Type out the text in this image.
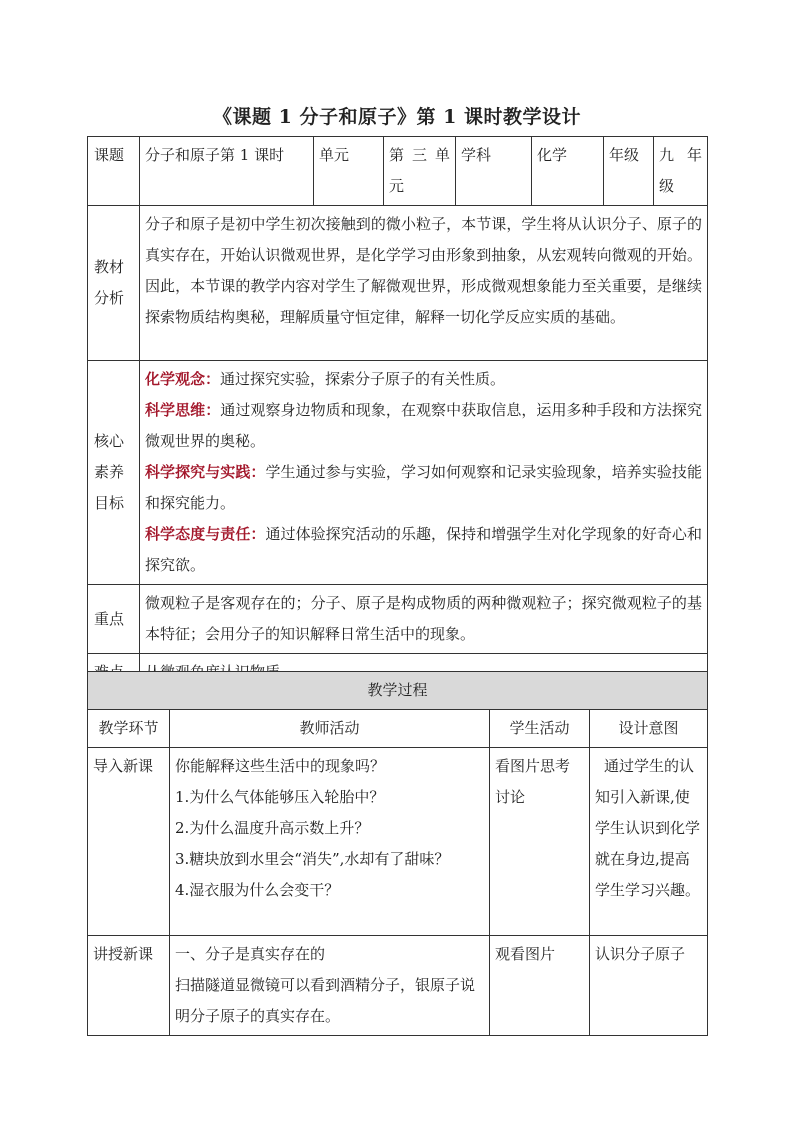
《课题 1 分子和原子》第 1 课时教学设计
课题	分子和原子第 1 课时	单元	第 三 单 元	学科	化学	年级	九 年 级
教材分析	分子和原子是初中学生初次接触到的微小粒子，本节课，学生将从认识分子、原子的真实存在，开始认识微观世界，是化学学习由形象到抽象，从宏观转向微观的开始。因此，本节课的教学内容对学生了解微观世界，形成微观想象能力至关重要，是继续探索物质结构奥秘，理解质量守恒定律，解释一切化学反应实质的基础。						
核心素养目标	化学观念：通过探究实验，探索分子原子的有关性质。
科学思维：通过观察身边物质和现象，在观察中获取信息，运用多种手段和方法探究微观世界的奥秘。
科学探究与实践：学生通过参与实验，学习如何观察和记录实验现象，培养实验技能和探究能力。
科学态度与责任：通过体验探究活动的乐趣，保持和增强学生对化学现象的好奇心和探究欲。						

重点	微观粒子是客观存在的；分子、原子是构成物质的两种微观粒子；探究微观粒子的基本特征；会用分子的知识解释日常生活中的现象。						

教学过程			
教学环节	教师活动	学生活动	设计意图
导入新课	你能解释这些生活中的现象吗？
1.为什么气体能够压入轮胎中？
2.为什么温度升高示数上升？
3.糖块放到水里会“消失”,水却有了甜味？
4.湿衣服为什么会变干？	看图片思考讨论	通过学生的认知引入新课,使学生认识到化学就在身边,提高学生学习兴趣。
讲授新课	一、分子是真实存在的
扫描隧道显微镜可以看到酒精分子，银原子说明分子原子的真实存在。	观看图片	认识分子原子
